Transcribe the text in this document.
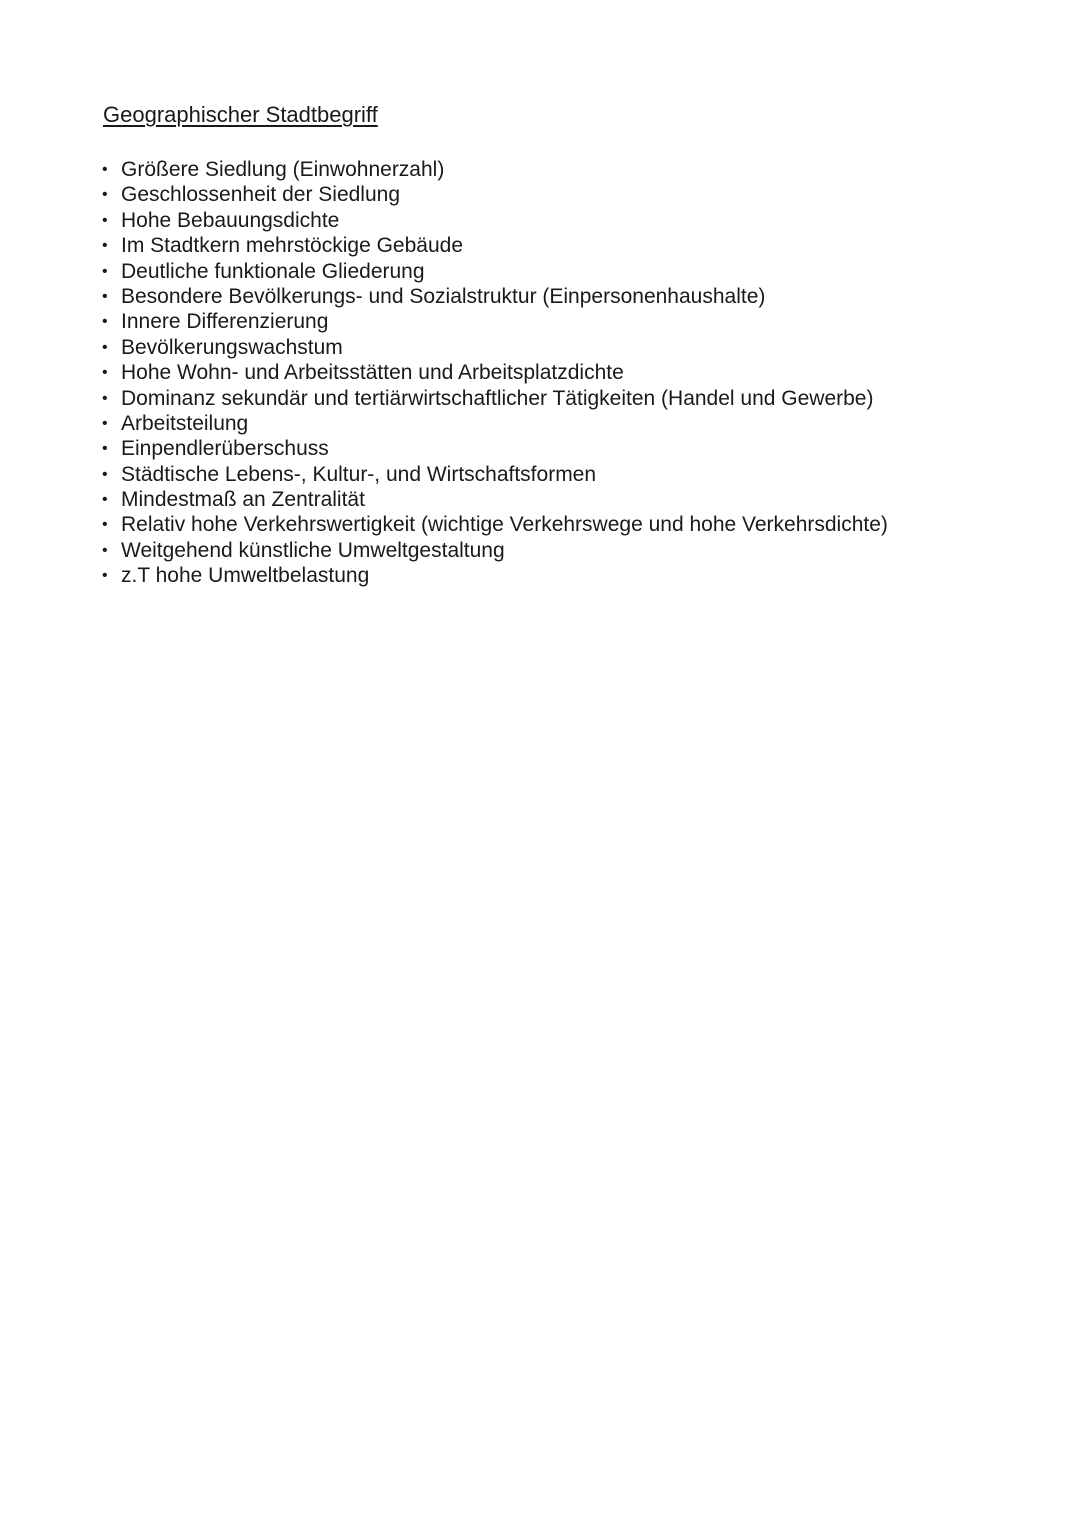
Geographischer Stadtbegriff
• Größere Siedlung (Einwohnerzahl)
• Geschlossenheit der Siedlung
• Hohe Bebauungsdichte
• Im Stadtkern mehrstöckige Gebäude
• Deutliche funktionale Gliederung
• Besondere Bevölkerungs- und Sozialstruktur (Einpersonenhaushalte)
• Innere Differenzierung
• Bevölkerungswachstum
• Hohe Wohn- und Arbeitsstätten und Arbeitsplatzdichte
• Dominanz sekundär und tertiärwirtschaftlicher Tätigkeiten (Handel und Gewerbe)
• Arbeitsteilung
• Einpendlerüberschuss
• Städtische Lebens-, Kultur-, und Wirtschaftsformen
• Mindestmaß an Zentralität
• Relativ hohe Verkehrswertigkeit (wichtige Verkehrswege und hohe Verkehrsdichte)
• Weitgehend künstliche Umweltgestaltung
• z.T hohe Umweltbelastung
